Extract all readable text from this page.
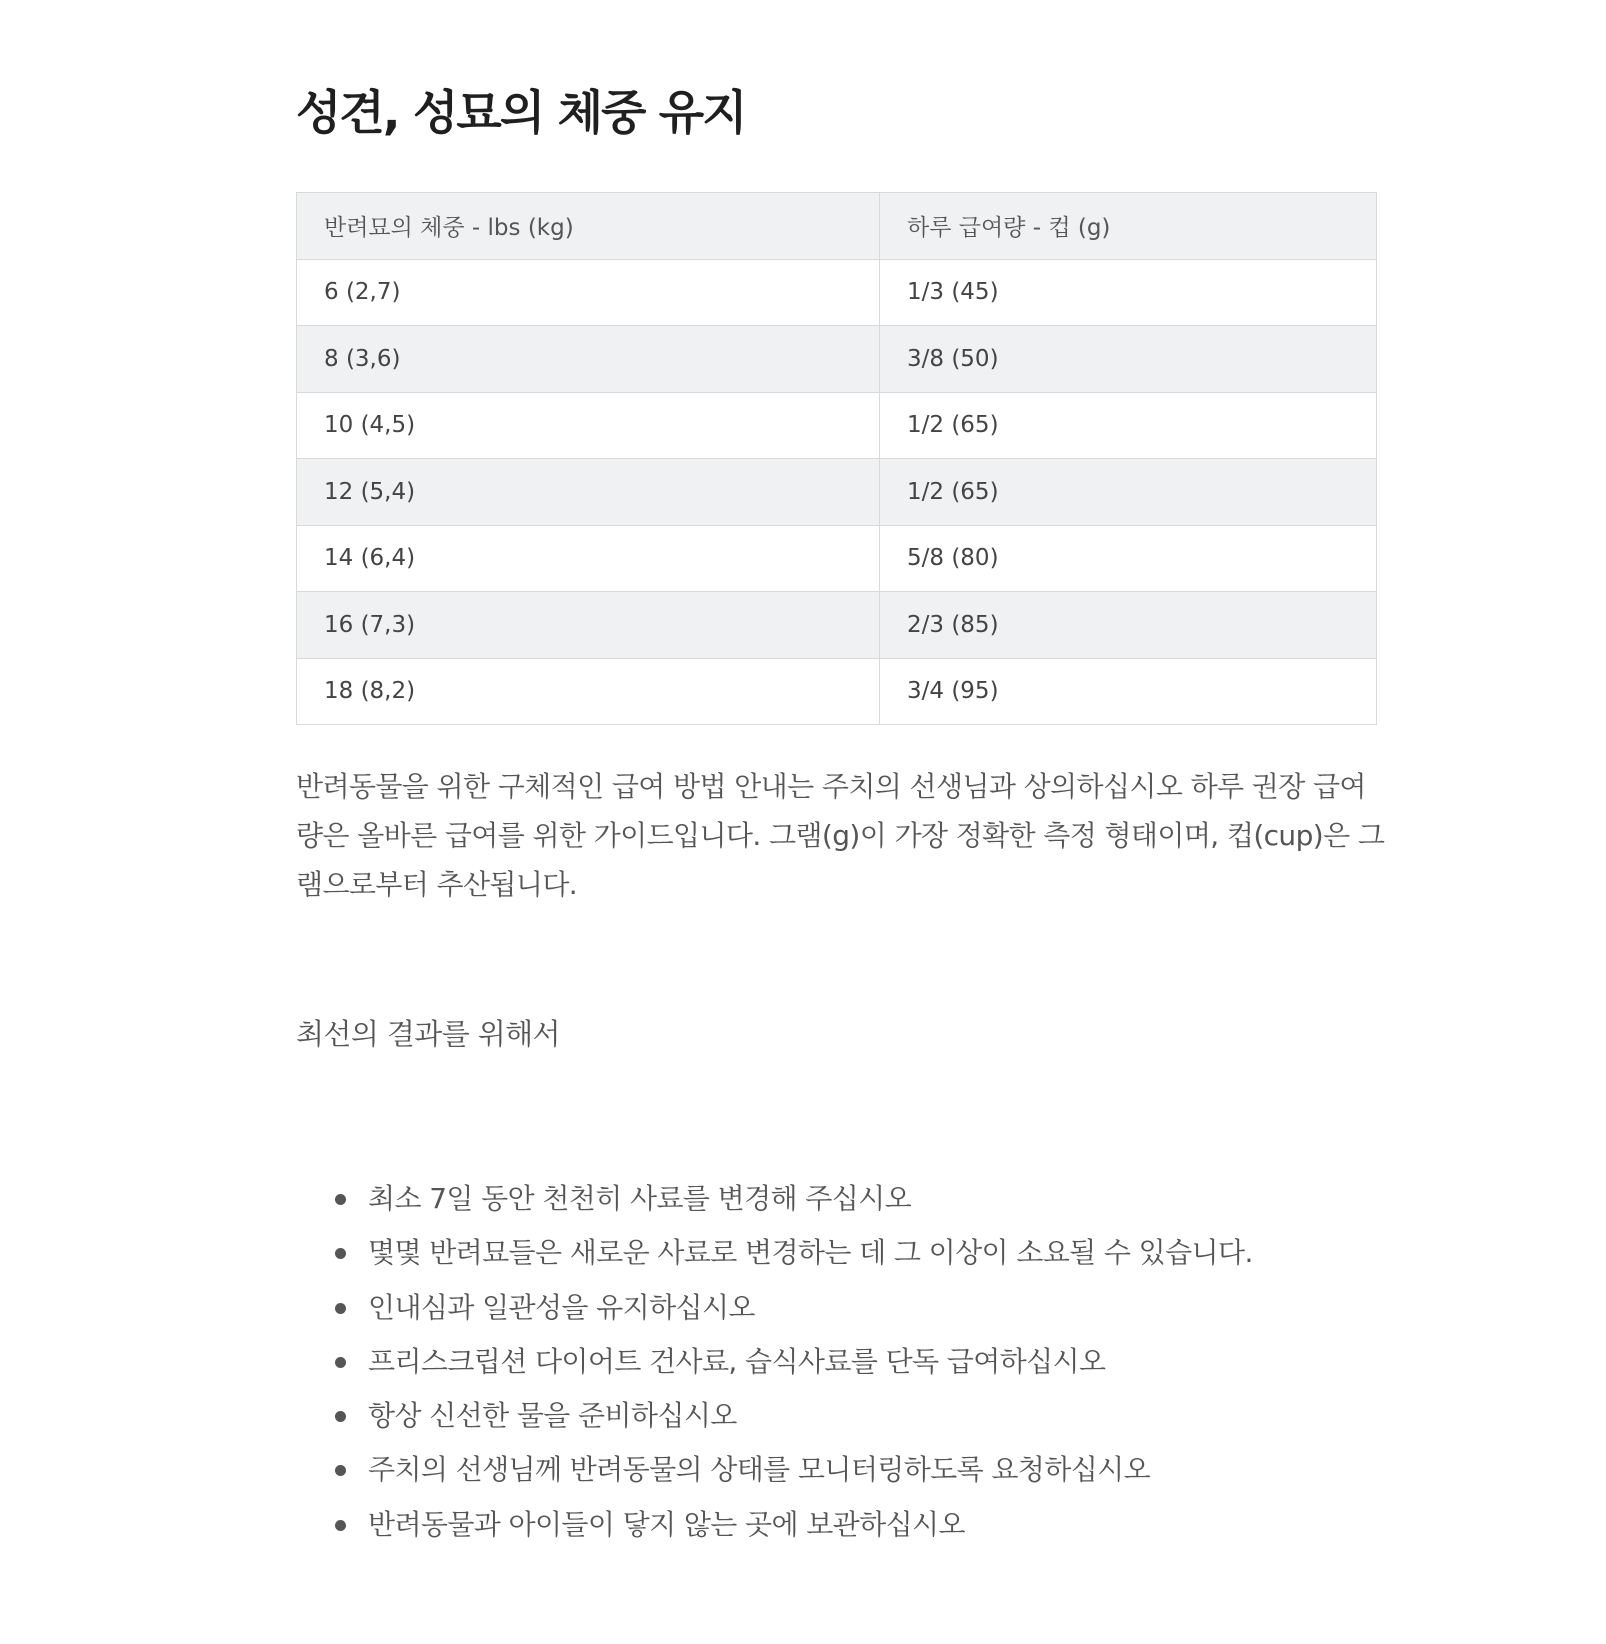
성견, 성묘의 체중 유지
반려묘의 체중 - lbs (kg)	하루 급여량 - 컵 (g)
6 (2,7)	1/3 (45)
8 (3,6)	3/8 (50)
10 (4,5)	1/2 (65)
12 (5,4)	1/2 (65)
14 (6,4)	5/8 (80)
16 (7,3)	2/3 (85)
18 (8,2)	3/4 (95)

반려동물을 위한 구체적인 급여 방법 안내는 주치의 선생님과 상의하십시오 하루 권장 급여량은 올바른 급여를 위한 가이드입니다. 그램(g)이 가장 정확한 측정 형태이며, 컵(cup)은 그램으로부터 추산됩니다.

최선의 결과를 위해서

최소 7일 동안 천천히 사료를 변경해 주십시오
몇몇 반려묘들은 새로운 사료로 변경하는 데 그 이상이 소요될 수 있습니다.
인내심과 일관성을 유지하십시오
프리스크립션 다이어트 건사료, 습식사료를 단독 급여하십시오
항상 신선한 물을 준비하십시오
주치의 선생님께 반려동물의 상태를 모니터링하도록 요청하십시오
반려동물과 아이들이 닿지 않는 곳에 보관하십시오
